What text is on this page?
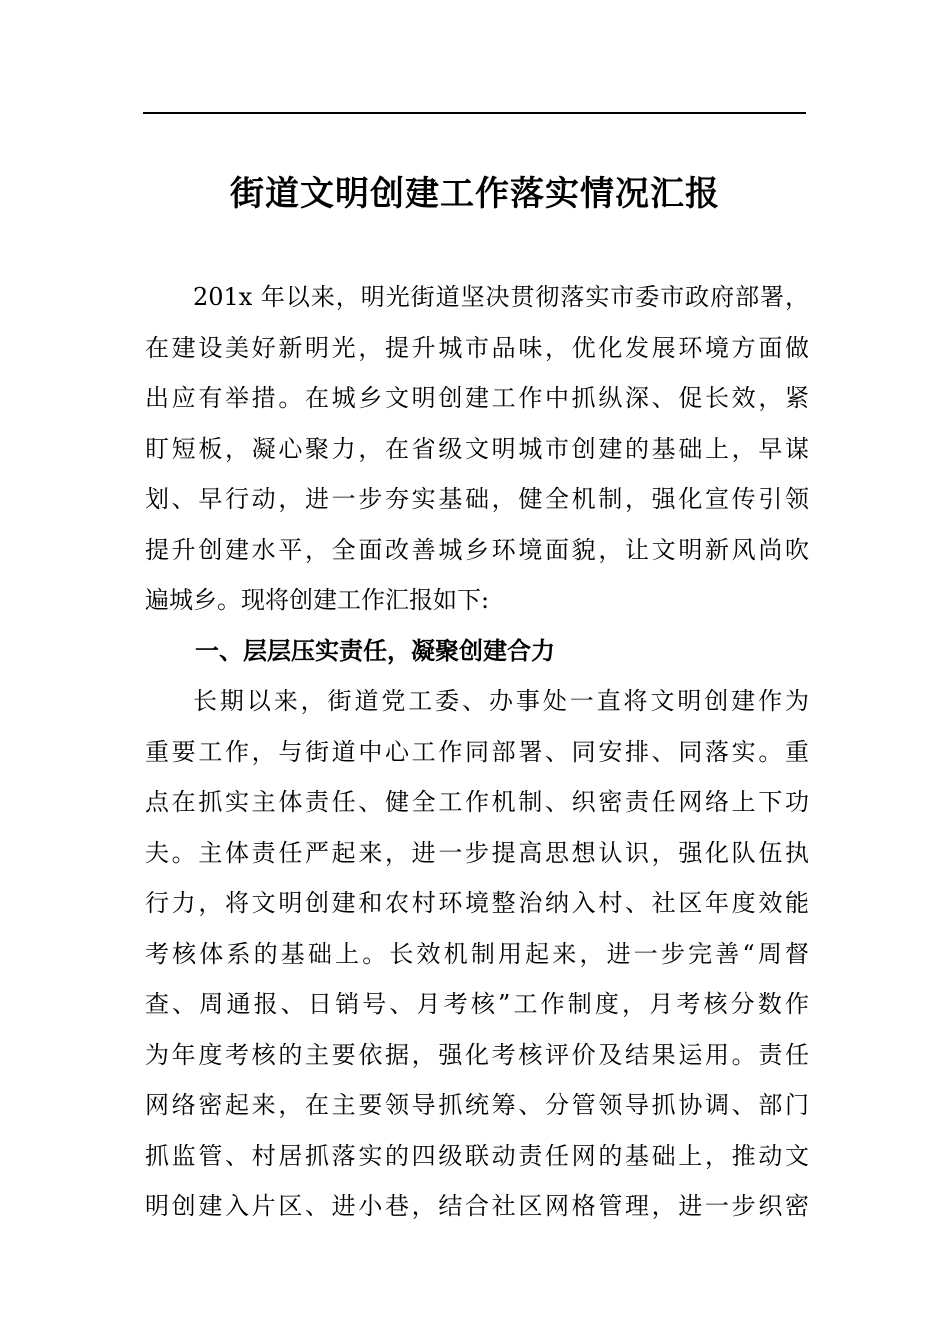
街道文明创建工作落实情况汇报
201x 年以来，明光街道坚决贯彻落实市委市政府部署，
在建设美好新明光，提升城市品味，优化发展环境方面做
出应有举措。在城乡文明创建工作中抓纵深、促长效，紧
盯短板，凝心聚力，在省级文明城市创建的基础上，早谋
划、早行动，进一步夯实基础，健全机制，强化宣传引领
提升创建水平，全面改善城乡环境面貌，让文明新风尚吹
遍城乡。现将创建工作汇报如下:
一、层层压实责任，凝聚创建合力
长期以来，街道党工委、办事处一直将文明创建作为
重要工作，与街道中心工作同部署、同安排、同落实。重
点在抓实主体责任、健全工作机制、织密责任网络上下功
夫。主体责任严起来，进一步提高思想认识，强化队伍执
行力，将文明创建和农村环境整治纳入村、社区年度效能
考核体系的基础上。长效机制用起来，进一步完善“周督
查、周通报、日销号、月考核”工作制度，月考核分数作
为年度考核的主要依据，强化考核评价及结果运用。责任
网络密起来，在主要领导抓统筹、分管领导抓协调、部门
抓监管、村居抓落实的四级联动责任网的基础上，推动文
明创建入片区、进小巷，结合社区网格管理，进一步织密
